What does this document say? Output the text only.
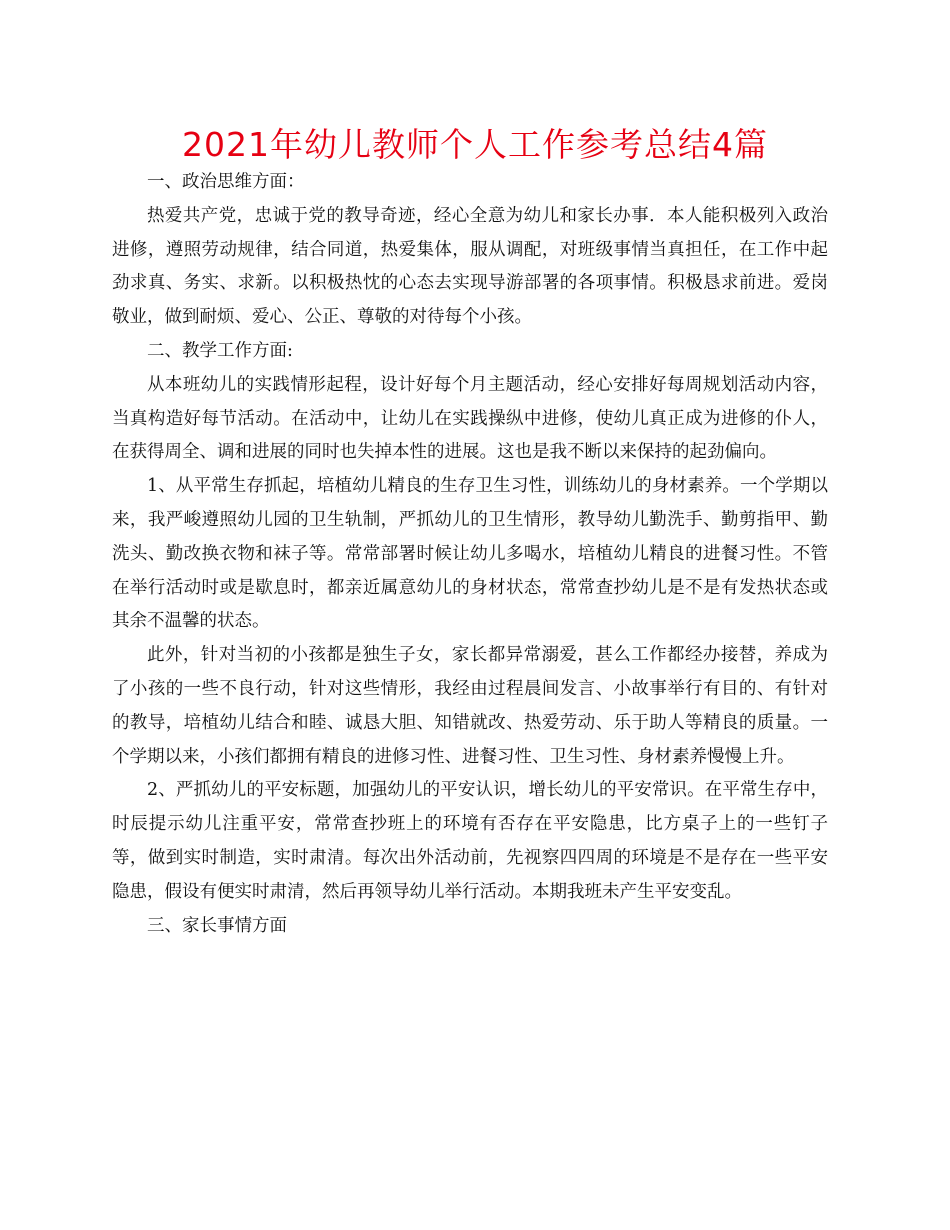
2021年幼儿教师个人工作参考总结4篇

一、政治思维方面：

热爱共产党，忠诚于党的教导奇迹，经心全意为幼儿和家长办事．本人能积极列入政治进修，遵照劳动规律，结合同道，热爱集体，服从调配，对班级事情当真担任，在工作中起劲求真、务实、求新。以积极热忱的心态去实现导游部署的各项事情。积极恳求前进。爱岗敬业，做到耐烦、爱心、公正、尊敬的对待每个小孩。

二、教学工作方面:

从本班幼儿的实践情形起程，设计好每个月主题活动，经心安排好每周规划活动内容，当真构造好每节活动。在活动中，让幼儿在实践操纵中进修，使幼儿真正成为进修的仆人，在获得周全、调和进展的同时也失掉本性的进展。这也是我不断以来保持的起劲偏向。

1、从平常生存抓起，培植幼儿精良的生存卫生习性，训练幼儿的身材素养。一个学期以来，我严峻遵照幼儿园的卫生轨制，严抓幼儿的卫生情形，教导幼儿勤洗手、勤剪指甲、勤洗头、勤改换衣物和袜子等。常常部署时候让幼儿多喝水，培植幼儿精良的进餐习性。不管在举行活动时或是歇息时，都亲近属意幼儿的身材状态，常常查抄幼儿是不是有发热状态或其余不温馨的状态。

此外，针对当初的小孩都是独生子女，家长都异常溺爱，甚么工作都经办接替，养成为了小孩的一些不良行动，针对这些情形，我经由过程晨间发言、小故事举行有目的、有针对的教导，培植幼儿结合和睦、诚恳大胆、知错就改、热爱劳动、乐于助人等精良的质量。一个学期以来，小孩们都拥有精良的进修习性、进餐习性、卫生习性、身材素养慢慢上升。

2、严抓幼儿的平安标题，加强幼儿的平安认识，增长幼儿的平安常识。在平常生存中，时辰提示幼儿注重平安，常常查抄班上的环境有否存在平安隐患，比方桌子上的一些钉子等，做到实时制造，实时肃清。每次出外活动前，先视察四四周的环境是不是存在一些平安隐患，假设有便实时肃清，然后再领导幼儿举行活动。本期我班未产生平安变乱。

三、家长事情方面
